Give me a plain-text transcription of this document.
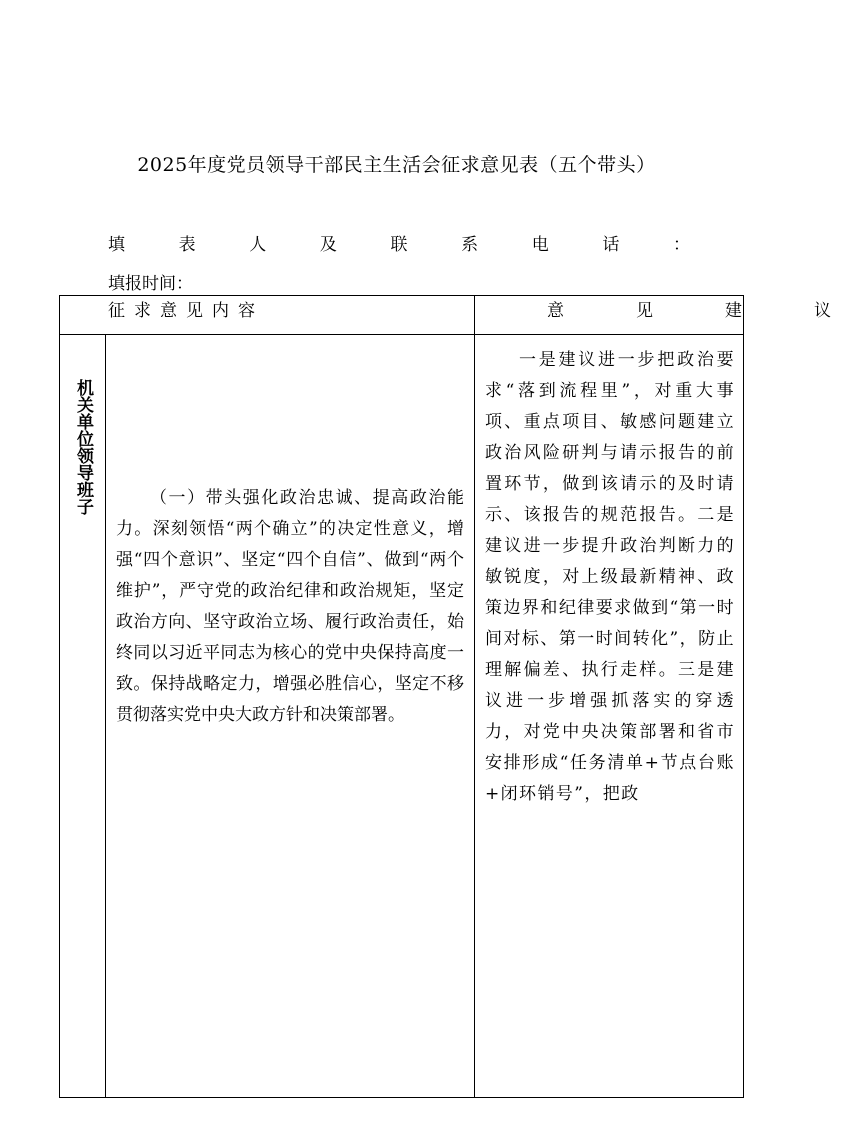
2025年度党员领导干部民主生活会征求意见表（五个带头）
填	表	人	及	联	系	电	话	：
填报时间：
征求意见内容		意 见 建 议

机关单位领导班子	（一）带头强化政治忠诚、提高政治能力。深刻领悟“两个确立”的决定性意义，增强“四个意识”、坚定“四个自信”、做到“两个维护”，严守党的政治纪律和政治规矩，坚定政治方向、坚守政治立场、履行政治责任，始终同以习近平同志为核心的党中央保持高度一致。保持战略定力，增强必胜信心，坚定不移贯彻落实党中央大政方针和决策部署。	一是建议进一步把政治要求“落到流程里”，对重大事项、重点项目、敏感问题建立政治风险研判与请示报告的前置环节，做到该请示的及时请示、该报告的规范报告。二是建议进一步提升政治判断力的敏锐度，对上级最新精神、政策边界和纪律要求做到“第一时间对标、第一时间转化”，防止理解偏差、执行走样。三是建议进一步增强抓落实的穿透力，对党中央决策部署和省市安排形成“任务清单+节点台账+闭环销号”，把政
